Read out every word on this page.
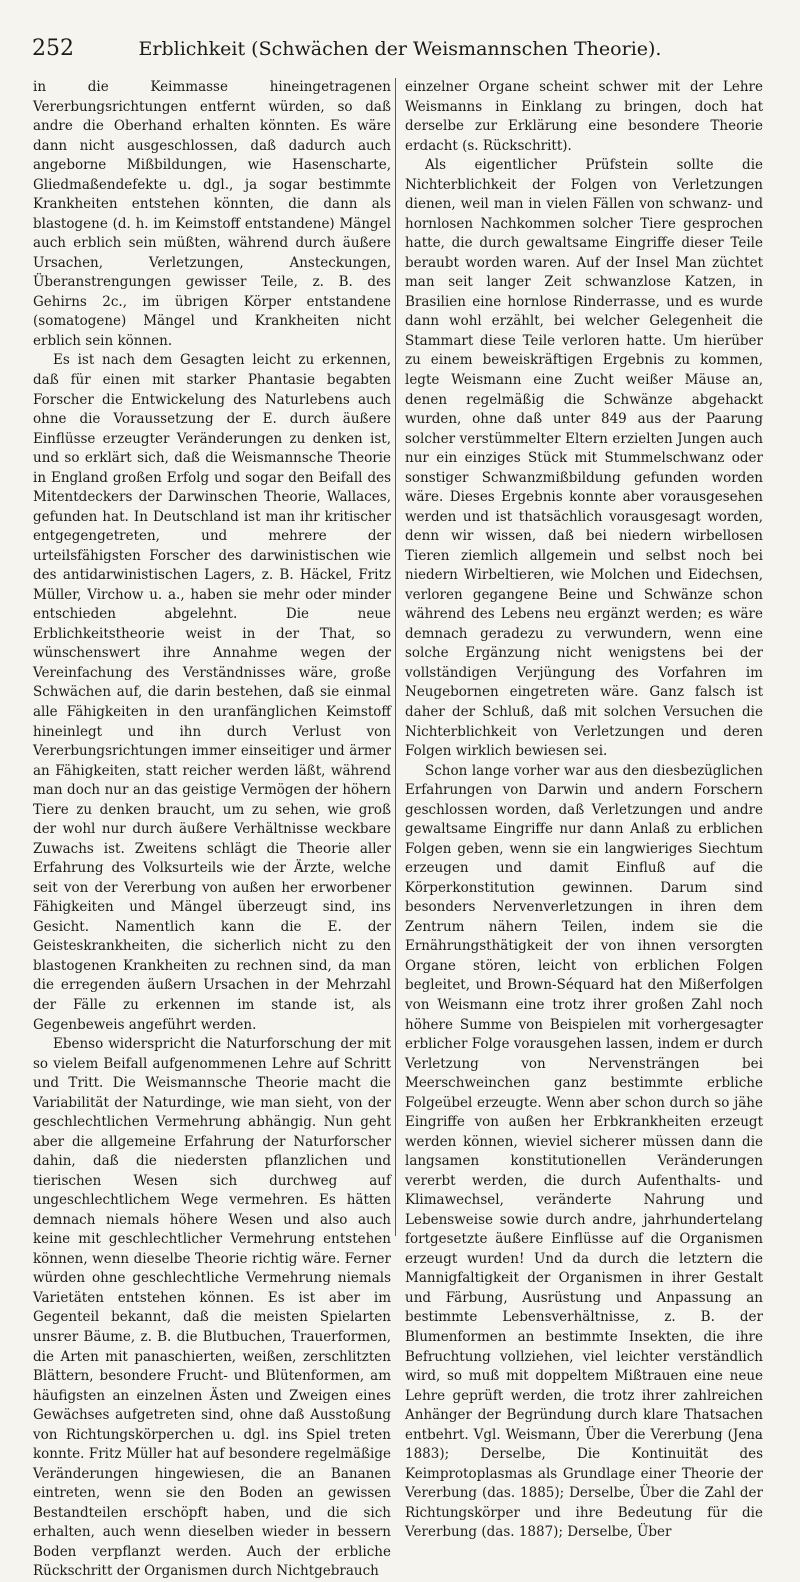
252	Erblichkeit (Schwächen der Weismannschen Theorie).

in die Keimmasse hineingetragenen Vererbungsrichtungen entfernt würden, so daß andre die Oberhand erhalten könnten. Es wäre dann nicht ausgeschlossen, daß dadurch auch angeborne Mißbildungen, wie Hasenscharte, Gliedmaßendefekte u. dgl., ja sogar bestimmte Krankheiten entstehen könnten, die dann als blastogene (d. h. im Keimstoff entstandene) Mängel auch erblich sein müßten, während durch äußere Ursachen, Verletzungen, Ansteckungen, Überanstrengungen gewisser Teile, z. B. des Gehirns 2c., im übrigen Körper entstandene (somatogene) Mängel und Krankheiten nicht erblich sein können.

Es ist nach dem Gesagten leicht zu erkennen, daß für einen mit starker Phantasie begabten Forscher die Entwickelung des Naturlebens auch ohne die Voraussetzung der E. durch äußere Einflüsse erzeugter Veränderungen zu denken ist, und so erklärt sich, daß die Weismannsche Theorie in England großen Erfolg und sogar den Beifall des Mitentdeckers der Darwinschen Theorie, Wallaces, gefunden hat. In Deutschland ist man ihr kritischer entgegengetreten, und mehrere der urteilsfähigsten Forscher des darwinistischen wie des antidarwinistischen Lagers, z. B. Häckel, Fritz Müller, Virchow u. a., haben sie mehr oder minder entschieden abgelehnt. Die neue Erblichkeitstheorie weist in der That, so wünschenswert ihre Annahme wegen der Vereinfachung des Verständnisses wäre, große Schwächen auf, die darin bestehen, daß sie einmal alle Fähigkeiten in den uranfänglichen Keimstoff hineinlegt und ihn durch Verlust von Vererbungsrichtungen immer einseitiger und ärmer an Fähigkeiten, statt reicher werden läßt, während man doch nur an das geistige Vermögen der höhern Tiere zu denken braucht, um zu sehen, wie groß der wohl nur durch äußere Verhältnisse weckbare Zuwachs ist. Zweitens schlägt die Theorie aller Erfahrung des Volksurteils wie der Ärzte, welche seit von der Vererbung von außen her erworbener Fähigkeiten und Mängel überzeugt sind, ins Gesicht. Namentlich kann die E. der Geisteskrankheiten, die sicherlich nicht zu den blastogenen Krankheiten zu rechnen sind, da man die erregenden äußern Ursachen in der Mehrzahl der Fälle zu erkennen im stande ist, als Gegenbeweis angeführt werden.

Ebenso widerspricht die Naturforschung der mit so vielem Beifall aufgenommenen Lehre auf Schritt und Tritt. Die Weismannsche Theorie macht die Variabilität der Naturdinge, wie man sieht, von der geschlechtlichen Vermehrung abhängig. Nun geht aber die allgemeine Erfahrung der Naturforscher dahin, daß die niedersten pflanzlichen und tierischen Wesen sich durchweg auf ungeschlechtlichem Wege vermehren. Es hätten demnach niemals höhere Wesen und also auch keine mit geschlechtlicher Vermehrung entstehen können, wenn dieselbe Theorie richtig wäre. Ferner würden ohne geschlechtliche Vermehrung niemals Varietäten entstehen können. Es ist aber im Gegenteil bekannt, daß die meisten Spielarten unsrer Bäume, z. B. die Blutbuchen, Trauerformen, die Arten mit panaschierten, weißen, zerschlitzten Blättern, besondere Frucht- und Blütenformen, am häufigsten an einzelnen Ästen und Zweigen eines Gewächses aufgetreten sind, ohne daß Ausstoßung von Richtungskörperchen u. dgl. ins Spiel treten konnte. Fritz Müller hat auf besondere regelmäßige Veränderungen hingewiesen, die an Bananen eintreten, wenn sie den Boden an gewissen Bestandteilen erschöpft haben, und die sich erhalten, auch wenn dieselben wieder in bessern Boden verpflanzt werden. Auch der erbliche Rückschritt der Organismen durch Nichtgebrauch

einzelner Organe scheint schwer mit der Lehre Weismanns in Einklang zu bringen, doch hat derselbe zur Erklärung eine besondere Theorie erdacht (s. Rückschritt).

Als eigentlicher Prüfstein sollte die Nichterblichkeit der Folgen von Verletzungen dienen, weil man in vielen Fällen von schwanz- und hornlosen Nachkommen solcher Tiere gesprochen hatte, die durch gewaltsame Eingriffe dieser Teile beraubt worden waren. Auf der Insel Man züchtet man seit langer Zeit schwanzlose Katzen, in Brasilien eine hornlose Rinderrasse, und es wurde dann wohl erzählt, bei welcher Gelegenheit die Stammart diese Teile verloren hatte. Um hierüber zu einem beweiskräftigen Ergebnis zu kommen, legte Weismann eine Zucht weißer Mäuse an, denen regelmäßig die Schwänze abgehackt wurden, ohne daß unter 849 aus der Paarung solcher verstümmelter Eltern erzielten Jungen auch nur ein einziges Stück mit Stummelschwanz oder sonstiger Schwanzmißbildung gefunden worden wäre. Dieses Ergebnis konnte aber vorausgesehen werden und ist thatsächlich vorausgesagt worden, denn wir wissen, daß bei niedern wirbellosen Tieren ziemlich allgemein und selbst noch bei niedern Wirbeltieren, wie Molchen und Eidechsen, verloren gegangene Beine und Schwänze schon während des Lebens neu ergänzt werden; es wäre demnach geradezu zu verwundern, wenn eine solche Ergänzung nicht wenigstens bei der vollständigen Verjüngung des Vorfahren im Neugebornen eingetreten wäre. Ganz falsch ist daher der Schluß, daß mit solchen Versuchen die Nichterblichkeit von Verletzungen und deren Folgen wirklich bewiesen sei.

Schon lange vorher war aus den diesbezüglichen Erfahrungen von Darwin und andern Forschern geschlossen worden, daß Verletzungen und andre gewaltsame Eingriffe nur dann Anlaß zu erblichen Folgen geben, wenn sie ein langwieriges Siechtum erzeugen und damit Einfluß auf die Körperkonstitution gewinnen. Darum sind besonders Nervenverletzungen in ihren dem Zentrum nähern Teilen, indem sie die Ernährungsthätigkeit der von ihnen versorgten Organe stören, leicht von erblichen Folgen begleitet, und Brown-Séquard hat den Mißerfolgen von Weismann eine trotz ihrer großen Zahl noch höhere Summe von Beispielen mit vorhergesagter erblicher Folge vorausgehen lassen, indem er durch Verletzung von Nervensträngen bei Meerschweinchen ganz bestimmte erbliche Folgeübel erzeugte. Wenn aber schon durch so jähe Eingriffe von außen her Erbkrankheiten erzeugt werden können, wieviel sicherer müssen dann die langsamen konstitutionellen Veränderungen vererbt werden, die durch Aufenthalts- und Klimawechsel, veränderte Nahrung und Lebensweise sowie durch andre, jahrhundertelang fortgesetzte äußere Einflüsse auf die Organismen erzeugt wurden! Und da durch die letztern die Mannigfaltigkeit der Organismen in ihrer Gestalt und Färbung, Ausrüstung und Anpassung an bestimmte Lebensverhältnisse, z. B. der Blumenformen an bestimmte Insekten, die ihre Befruchtung vollziehen, viel leichter verständlich wird, so muß mit doppeltem Mißtrauen eine neue Lehre geprüft werden, die trotz ihrer zahlreichen Anhänger der Begründung durch klare Thatsachen entbehrt. Vgl. Weismann, Über die Vererbung (Jena 1883); Derselbe, Die Kontinuität des Keimprotoplasmas als Grundlage einer Theorie der Vererbung (das. 1885); Derselbe, Über die Zahl der Richtungskörper und ihre Bedeutung für die Vererbung (das. 1887); Derselbe, Über
